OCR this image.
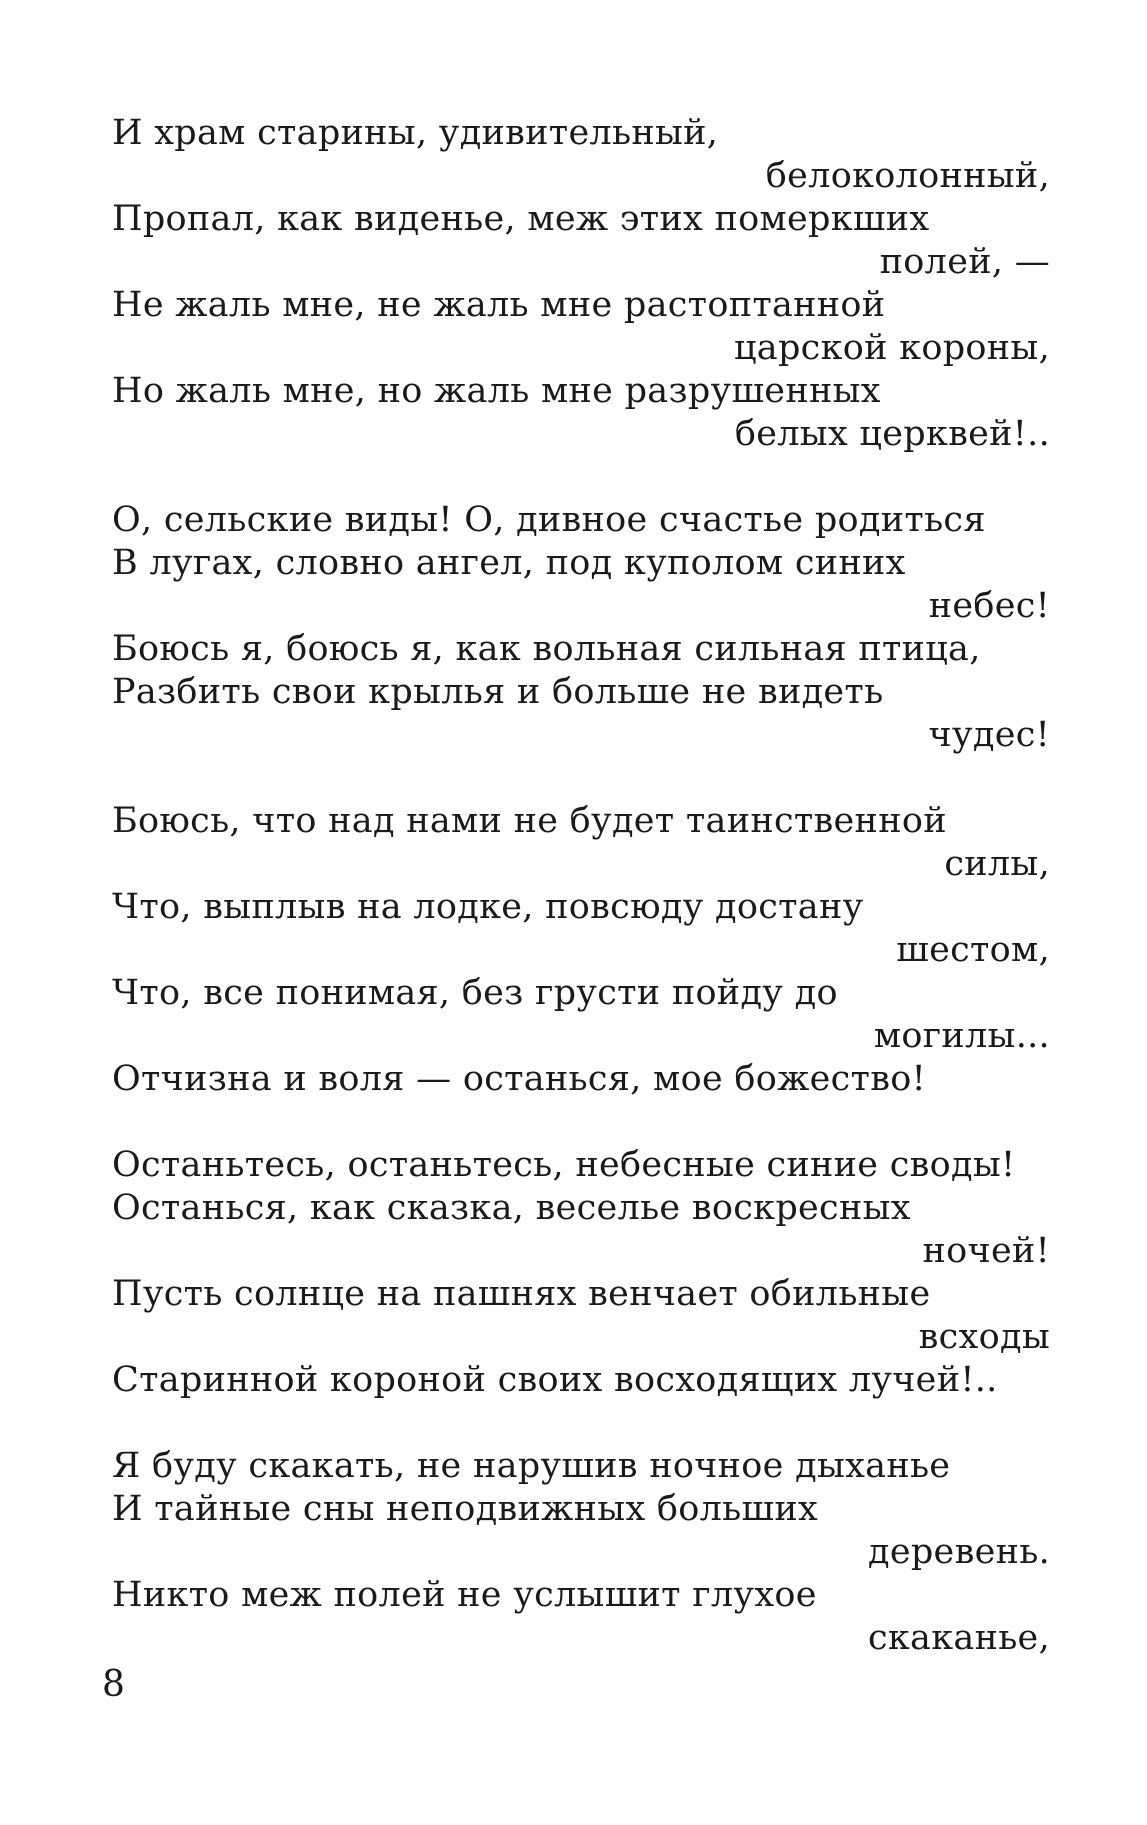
И храм старины, удивительный,
белоколонный,
Пропал, как виденье, меж этих померкших
полей, —
Не жаль мне, не жаль мне растоптанной
царской короны,
Но жаль мне, но жаль мне разрушенных
белых церквей!..
О, сельские виды! О, дивное счастье родиться
В лугах, словно ангел, под куполом синих
небес!
Боюсь я, боюсь я, как вольная сильная птица,
Разбить свои крылья и больше не видеть
чудес!
Боюсь, что над нами не будет таинственной
силы,
Что, выплыв на лодке, повсюду достану
шестом,
Что, все понимая, без грусти пойду до
могилы...
Отчизна и воля — останься, мое божество!
Останьтесь, останьтесь, небесные синие своды!
Останься, как сказка, веселье воскресных
ночей!
Пусть солнце на пашнях венчает обильные
всходы
Старинной короной своих восходящих лучей!..
Я буду скакать, не нарушив ночное дыханье
И тайные сны неподвижных больших
деревень.
Никто меж полей не услышит глухое
скаканье,
8
